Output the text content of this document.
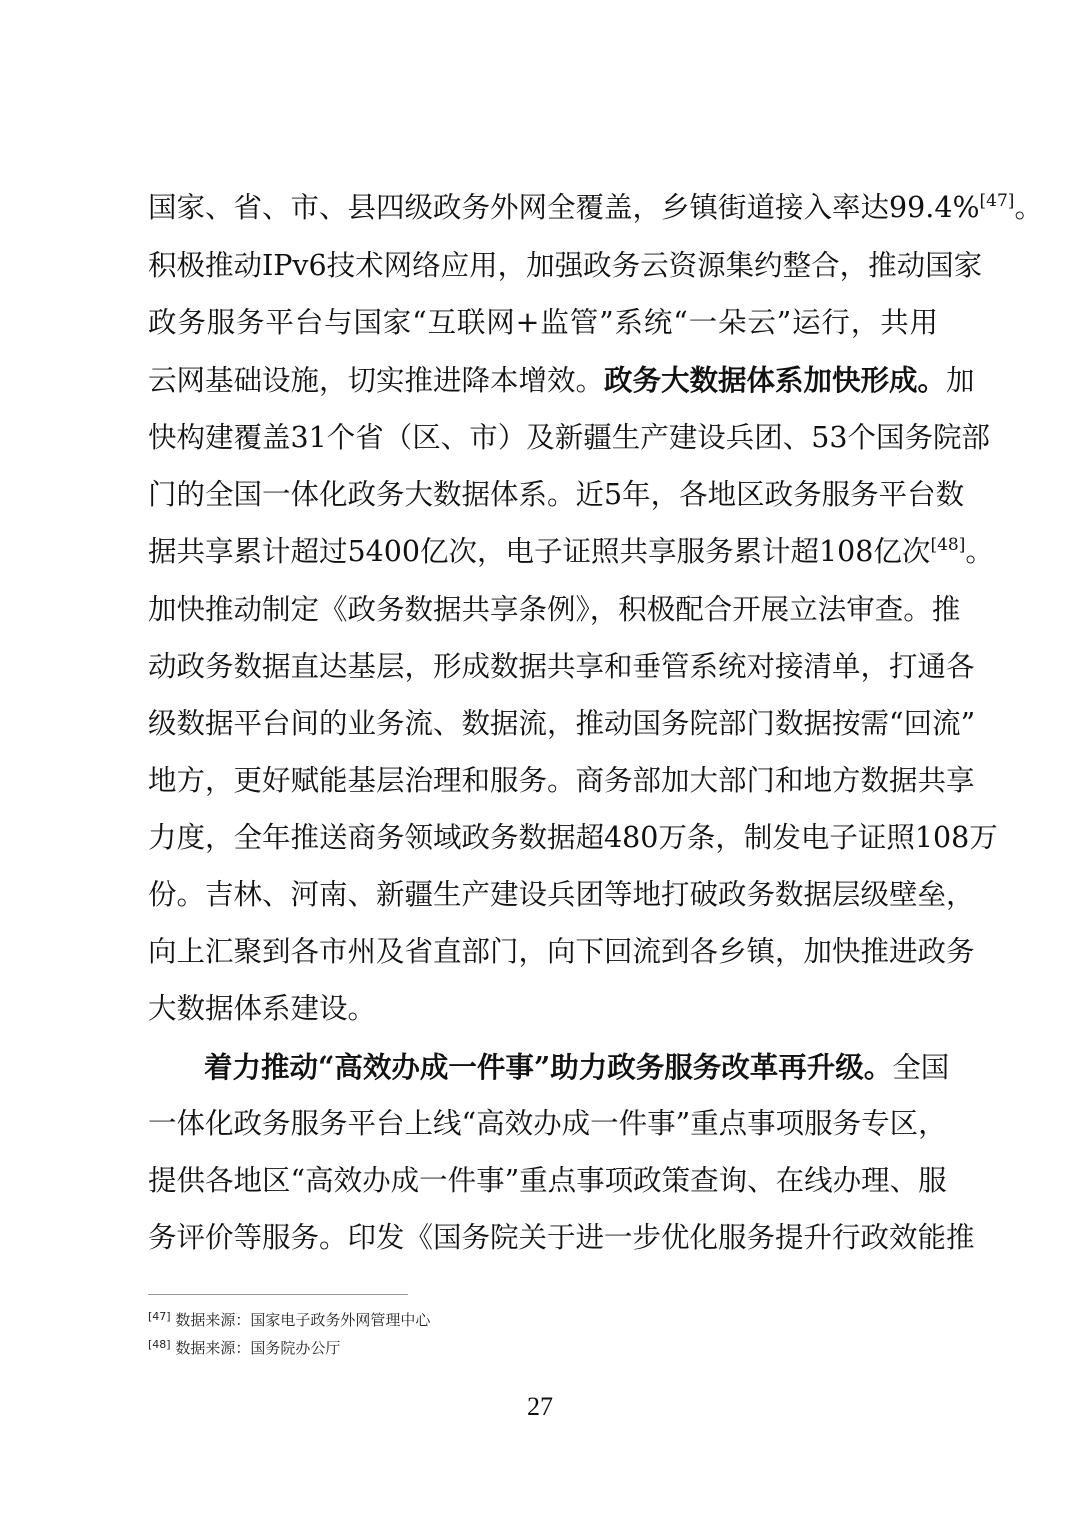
国家、省、市、县四级政务外网全覆盖，乡镇街道接入率达99.4%[47]。
积极推动IPv6技术网络应用，加强政务云资源集约整合，推动国家
政务服务平台与国家“互联网+监管”系统“一朵云”运行，共用
云网基础设施，切实推进降本增效。政务大数据体系加快形成。加
快构建覆盖31个省（区、市）及新疆生产建设兵团、53个国务院部
门的全国一体化政务大数据体系。近5年，各地区政务服务平台数
据共享累计超过5400亿次，电子证照共享服务累计超108亿次[48]。
加快推动制定《政务数据共享条例》，积极配合开展立法审查。推
动政务数据直达基层，形成数据共享和垂管系统对接清单，打通各
级数据平台间的业务流、数据流，推动国务院部门数据按需“回流”
地方，更好赋能基层治理和服务。商务部加大部门和地方数据共享
力度，全年推送商务领域政务数据超480万条，制发电子证照108万
份。吉林、河南、新疆生产建设兵团等地打破政务数据层级壁垒，
向上汇聚到各市州及省直部门，向下回流到各乡镇，加快推进政务
大数据体系建设。
着力推动“高效办成一件事”助力政务服务改革再升级。全国
一体化政务服务平台上线“高效办成一件事”重点事项服务专区，
提供各地区“高效办成一件事”重点事项政策查询、在线办理、服
务评价等服务。印发《国务院关于进一步优化服务提升行政效能推
[47] 数据来源：国家电子政务外网管理中心
[48] 数据来源：国务院办公厅
27
